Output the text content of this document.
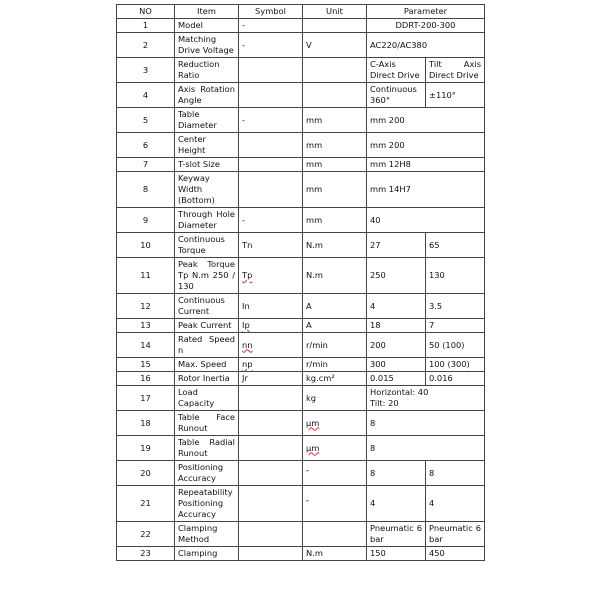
NO	Item	Symbol	Unit	Parameter	
1	Model	-		DDRT-200-300	
2	Matching Drive Voltage	-	V	AC220/AC380	
3	Reduction Ratio			C-Axis Direct Drive	Tilt Axis Direct Drive
4	Axis Rotation Angle			Continuous 360°	±110°
5	Table Diameter	-	mm	mm 200	
6	Center Height		mm	mm 200	
7	T-slot Size		mm	mm 12H8	
8	Keyway Width (Bottom)		mm	mm 14H7	
9	Through Hole Diameter	-	mm	40	
10	Continuous Torque	Tn	N.m	27	65
11	Peak Torque Tp N.m 250 / 130	Tp	N.m	250	130
12	Continuous Current	In	A	4	3.5
13	Peak Current	Ip	A	18	7
14	Rated Speed n	nn	r/min	200	50 (100)
15	Max. Speed	np	r/min	300	100 (300)
16	Rotor Inertia	Jr	kg.cm²	0.015	0.016
17	Load Capacity		kg	Horizontal: 40
Tilt: 20	
18	Table Face Runout		μm	8	
19	Table Radial Runout		μm	8	
20	Positioning Accuracy		″	8	8
21	Repeatability Positioning Accuracy		″	4	4
22	Clamping Method			Pneumatic 6 bar	Pneumatic 6 bar
23	Clamping		N.m	150	450
